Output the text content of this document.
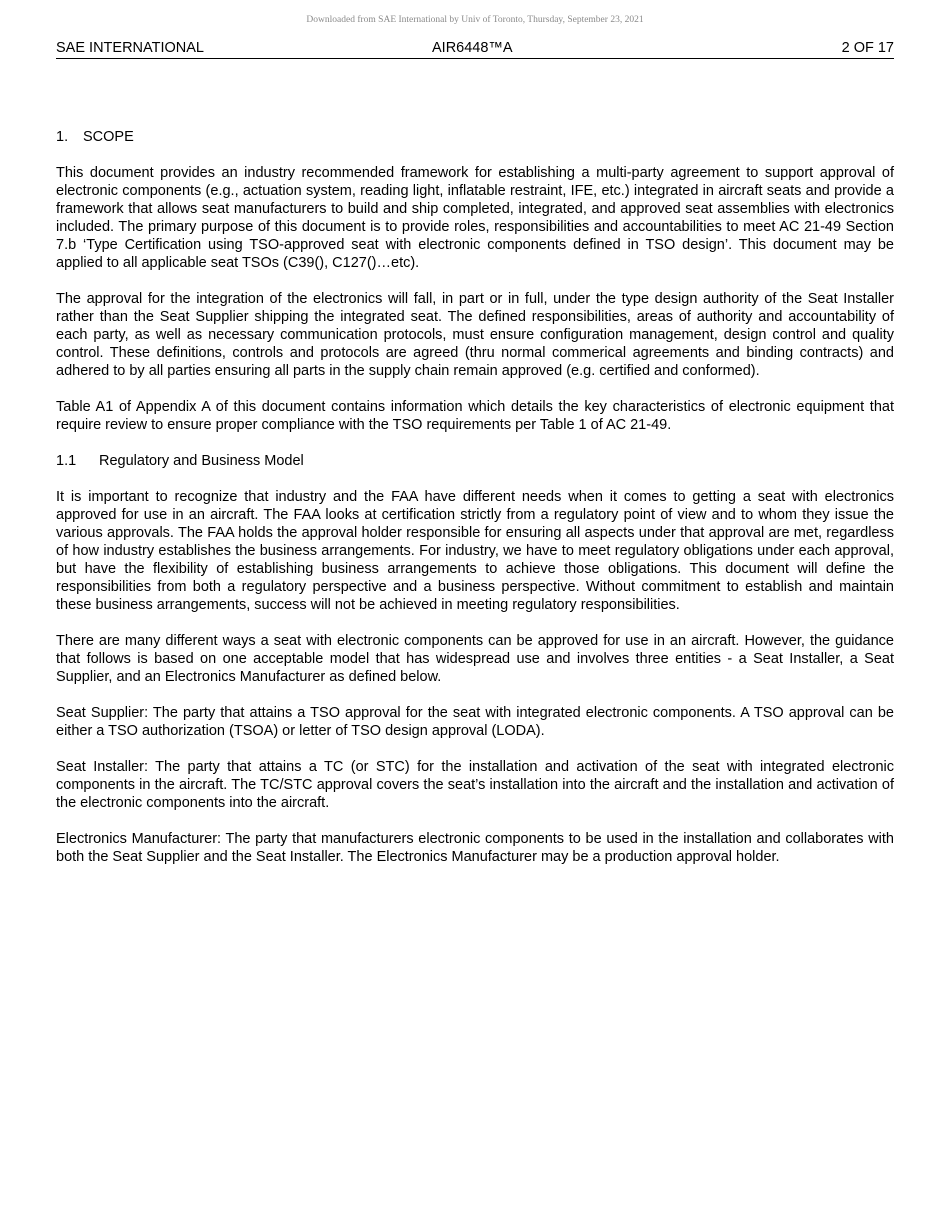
Downloaded from SAE International by Univ of Toronto, Thursday, September 23, 2021
SAE INTERNATIONAL	AIR6448™A	2 OF 17
1. SCOPE

This document provides an industry recommended framework for establishing a multi-party agreement to support approval of electronic components (e.g., actuation system, reading light, inflatable restraint, IFE, etc.) integrated in aircraft seats and provide a framework that allows seat manufacturers to build and ship completed, integrated, and approved seat assemblies with electronics included. The primary purpose of this document is to provide roles, responsibilities and accountabilities to meet AC 21-49 Section 7.b ‘Type Certification using TSO-approved seat with electronic components defined in TSO design’. This document may be applied to all applicable seat TSOs (C39(), C127()…etc).

The approval for the integration of the electronics will fall, in part or in full, under the type design authority of the Seat Installer rather than the Seat Supplier shipping the integrated seat. The defined responsibilities, areas of authority and accountability of each party, as well as necessary communication protocols, must ensure configuration management, design control and quality control. These definitions, controls and protocols are agreed (thru normal commerical agreements and binding contracts) and adhered to by all parties ensuring all parts in the supply chain remain approved (e.g. certified and conformed).

Table A1 of Appendix A of this document contains information which details the key characteristics of electronic equipment that require review to ensure proper compliance with the TSO requirements per Table 1 of AC 21-49.

1.1 Regulatory and Business Model

It is important to recognize that industry and the FAA have different needs when it comes to getting a seat with electronics approved for use in an aircraft. The FAA looks at certification strictly from a regulatory point of view and to whom they issue the various approvals. The FAA holds the approval holder responsible for ensuring all aspects under that approval are met, regardless of how industry establishes the business arrangements. For industry, we have to meet regulatory obligations under each approval, but have the flexibility of establishing business arrangements to achieve those obligations. This document will define the responsibilities from both a regulatory perspective and a business perspective. Without commitment to establish and maintain these business arrangements, success will not be achieved in meeting regulatory responsibilities.

There are many different ways a seat with electronic components can be approved for use in an aircraft. However, the guidance that follows is based on one acceptable model that has widespread use and involves three entities - a Seat Installer, a Seat Supplier, and an Electronics Manufacturer as defined below.

Seat Supplier: The party that attains a TSO approval for the seat with integrated electronic components. A TSO approval can be either a TSO authorization (TSOA) or letter of TSO design approval (LODA).

Seat Installer: The party that attains a TC (or STC) for the installation and activation of the seat with integrated electronic components in the aircraft. The TC/STC approval covers the seat’s installation into the aircraft and the installation and activation of the electronic components into the aircraft.

Electronics Manufacturer: The party that manufacturers electronic components to be used in the installation and collaborates with both the Seat Supplier and the Seat Installer. The Electronics Manufacturer may be a production approval holder.
